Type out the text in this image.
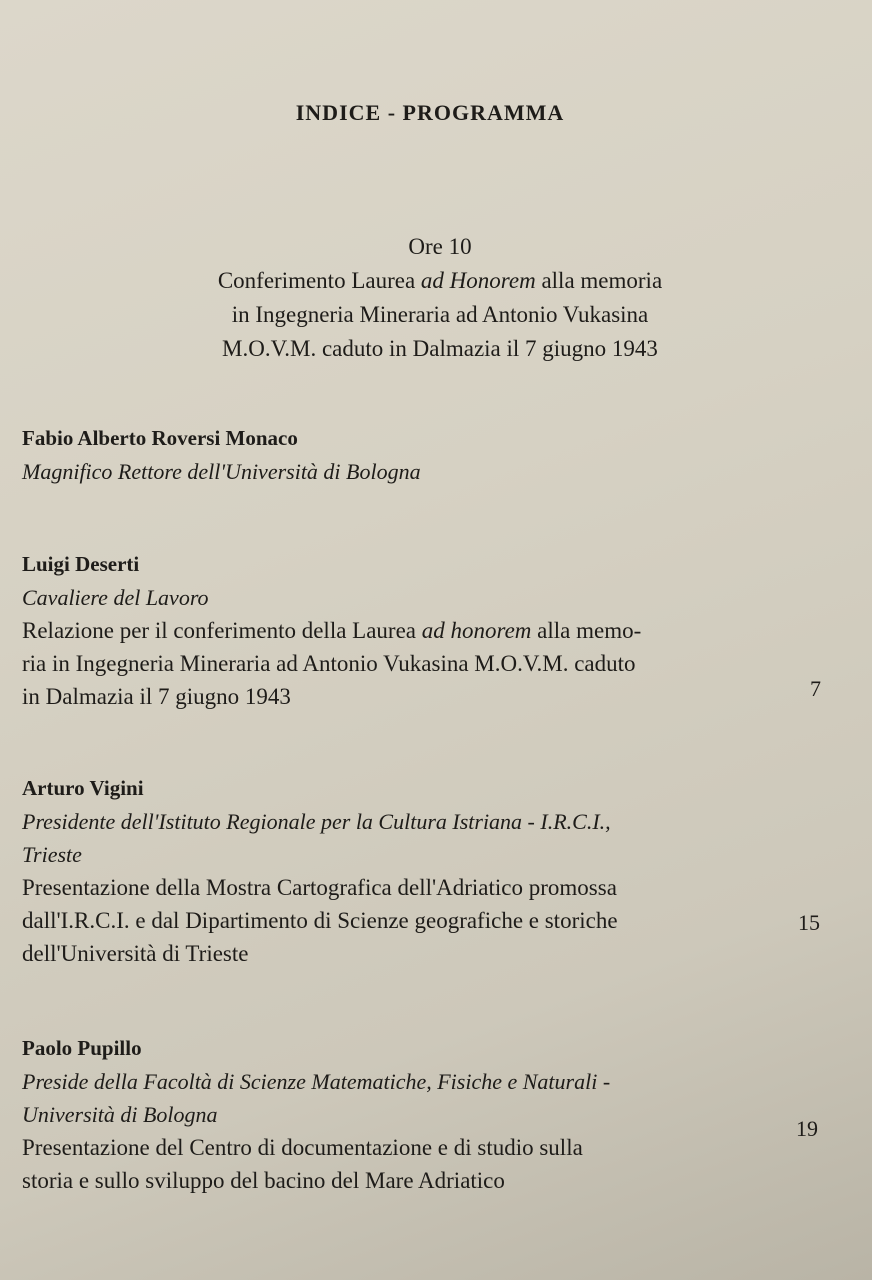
INDICE - PROGRAMMA
Ore 10
Conferimento Laurea ad Honorem alla memoria
in Ingegneria Mineraria ad Antonio Vukasina
M.O.V.M. caduto in Dalmazia il 7 giugno 1943
Fabio Alberto Roversi Monaco
Magnifico Rettore dell'Università di Bologna
Luigi Deserti
Cavaliere del Lavoro
Relazione per il conferimento della Laurea ad honorem alla memo-
ria in Ingegneria Mineraria ad Antonio Vukasina M.O.V.M. caduto
in Dalmazia il 7 giugno 1943	7
Arturo Vigini
Presidente dell'Istituto Regionale per la Cultura Istriana - I.R.C.I.,
Trieste
Presentazione della Mostra Cartografica dell'Adriatico promossa
dall'I.R.C.I. e dal Dipartimento di Scienze geografiche e storiche
dell'Università di Trieste
15
Paolo Pupillo
Preside della Facoltà di Scienze Matematiche, Fisiche e Naturali -
Università di Bologna
Presentazione del Centro di documentazione e di studio sulla
storia e sullo sviluppo del bacino del Mare Adriatico
19
